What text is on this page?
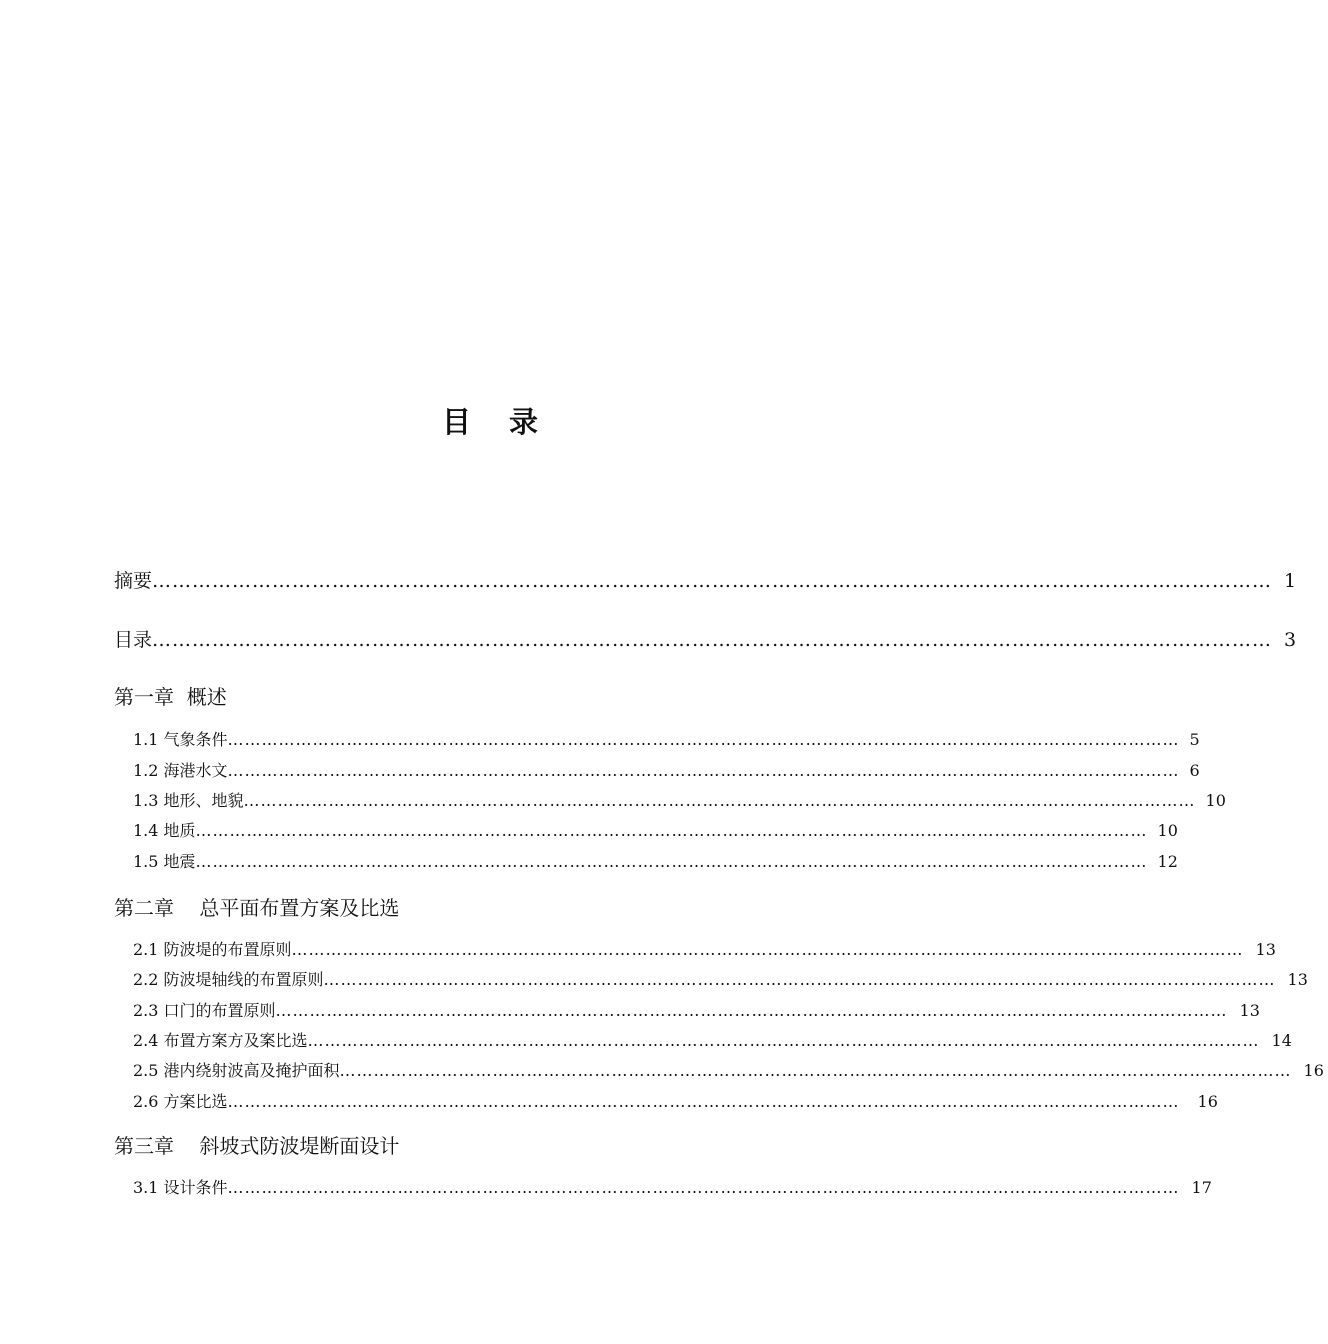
目 录
摘要 …………………………………………………………………………………………………………………………………………………… 1
目录 …………………………………………………………………………………………………………………………………………………… 3
第一章  概述
1.1 气象条件 …………………………………………………………………………………………………………………………………………………… 5
1.2 海港水文 …………………………………………………………………………………………………………………………………………………… 6
1.3 地形、地貌 …………………………………………………………………………………………………………………………………………………… 10
1.4 地质 …………………………………………………………………………………………………………………………………………………… 10
1.5 地震 …………………………………………………………………………………………………………………………………………………… 12
第二章    总平面布置方案及比选
2.1 防波堤的布置原则 …………………………………………………………………………………………………………………………………………………… 13
2.2 防波堤轴线的布置原则 …………………………………………………………………………………………………………………………………………………… 13
2.3 口门的布置原则 …………………………………………………………………………………………………………………………………………………… 13
2.4 布置方案方及案比选 …………………………………………………………………………………………………………………………………………………… 14
2.5 港内绕射波高及掩护面积 …………………………………………………………………………………………………………………………………………………… 16
2.6 方案比选 ……………………………………………………………………………………………………………………………………………………	16
第三章    斜坡式防波堤断面设计
3.1 设计条件 …………………………………………………………………………………………………………………………………………………… 17
